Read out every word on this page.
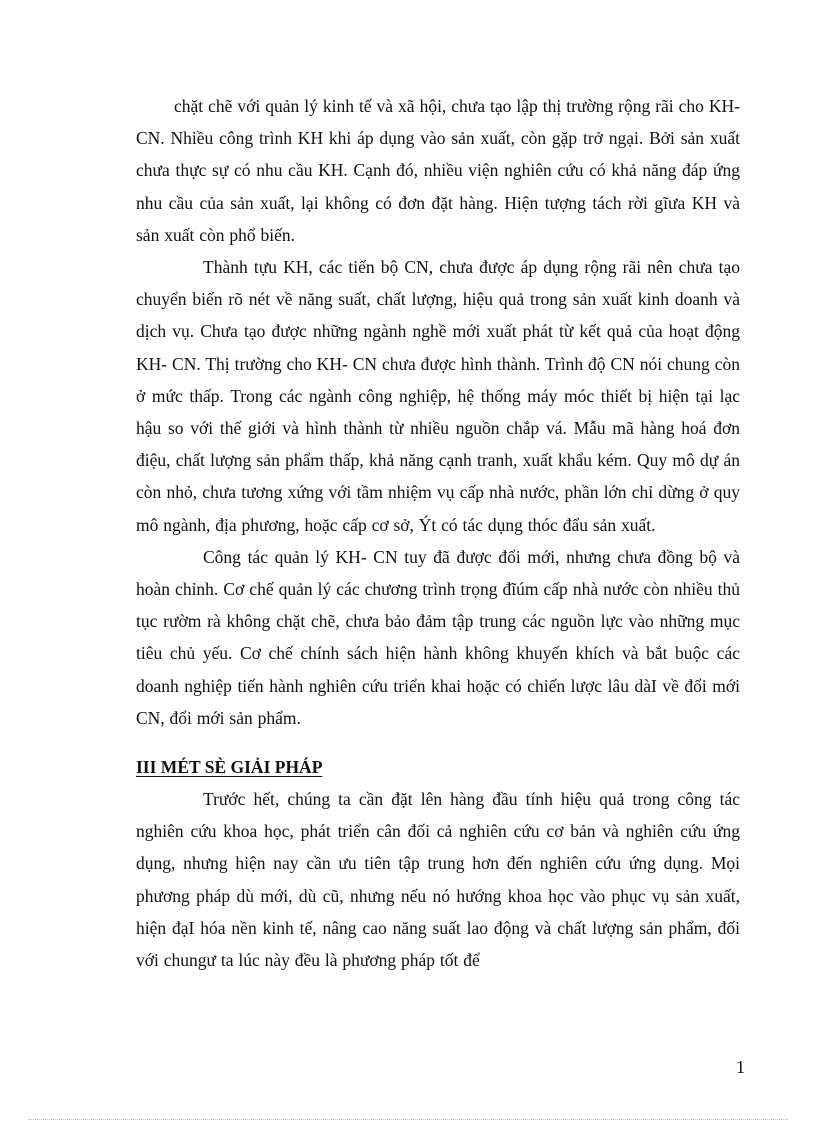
chặt chẽ với quản lý kinh tế và xã hội, chưa tạo lập thị trường rộng rãi cho KH- CN. Nhiều công trình KH khi áp dụng vào sản xuất, còn gặp trở ngại. Bởi sản xuất chưa thực sự có nhu cầu KH. Cạnh đó, nhiều viện nghiên cứu có khả năng đáp ứng nhu cầu của sản xuất, lại không có đơn đặt hàng. Hiện tượng tách rời gĩưa KH và sản xuất còn phổ biến.

Thành tựu KH, các tiến bộ CN, chưa được áp dụng rộng rãi nên chưa tạo chuyển biến rõ nét về năng suất, chất lượng, hiệu quả trong sản xuất kinh doanh và dịch vụ. Chưa tạo được những ngành nghề mới xuất phát từ kết quả của hoạt động KH- CN. Thị trường cho KH- CN chưa được hình thành. Trình độ CN nói chung còn ở mức thấp. Trong các ngành công nghiệp, hệ thống máy móc thiết bị hiện tại lạc hậu so với thế giới và hình thành từ nhiều nguồn chắp vá. Mẫu mã hàng hoá đơn điệu, chất lượng sản phẩm thấp, khả năng cạnh tranh, xuất khẩu kém. Quy mô dự án còn nhỏ, chưa tương xứng với tầm nhiệm vụ cấp nhà nước, phần lớn chỉ dừng ở quy mô ngành, địa phương, hoặc cấp cơ sở, Ýt có tác dụng thóc đẩu sản xuất.

Công tác quản lý KH- CN tuy đã được đổi mới, nhưng chưa đồng bộ và hoàn chỉnh. Cơ chế quản lý các chương trình trọng đĩúm cấp nhà nước còn nhiều thủ tục rườm rà không chặt chẽ, chưa bảo đảm tập trung các nguồn lực vào những mục tiêu chủ yếu. Cơ chế chính sách hiện hành không khuyến khích và bắt buộc các doanh nghiệp tiến hành nghiên cứu triển khai hoặc có chiến lược lâu dàI về đổi mới CN, đổi mới sản phẩm.

III MÉT SÈ GIẢI PHÁP

Trước hết, chúng ta cần đặt lên hàng đầu tính hiệu quả trong công tác nghiên cứu khoa học, phát triển cân đối cả nghiên cứu cơ bản và nghiên cứu ứng dụng, nhưng hiện nay cần ưu tiên tập trung hơn đến nghiên cứu ứng dụng. Mọi phương pháp dù mới, dù cũ, nhưng nếu nó hướng khoa học vào phục vụ sản xuất, hiện đạI hóa nền kinh tế, nâng cao năng suất lao động và chất lượng sản phẩm, đối với chungư ta lúc này đều là phương pháp tốt để

1
